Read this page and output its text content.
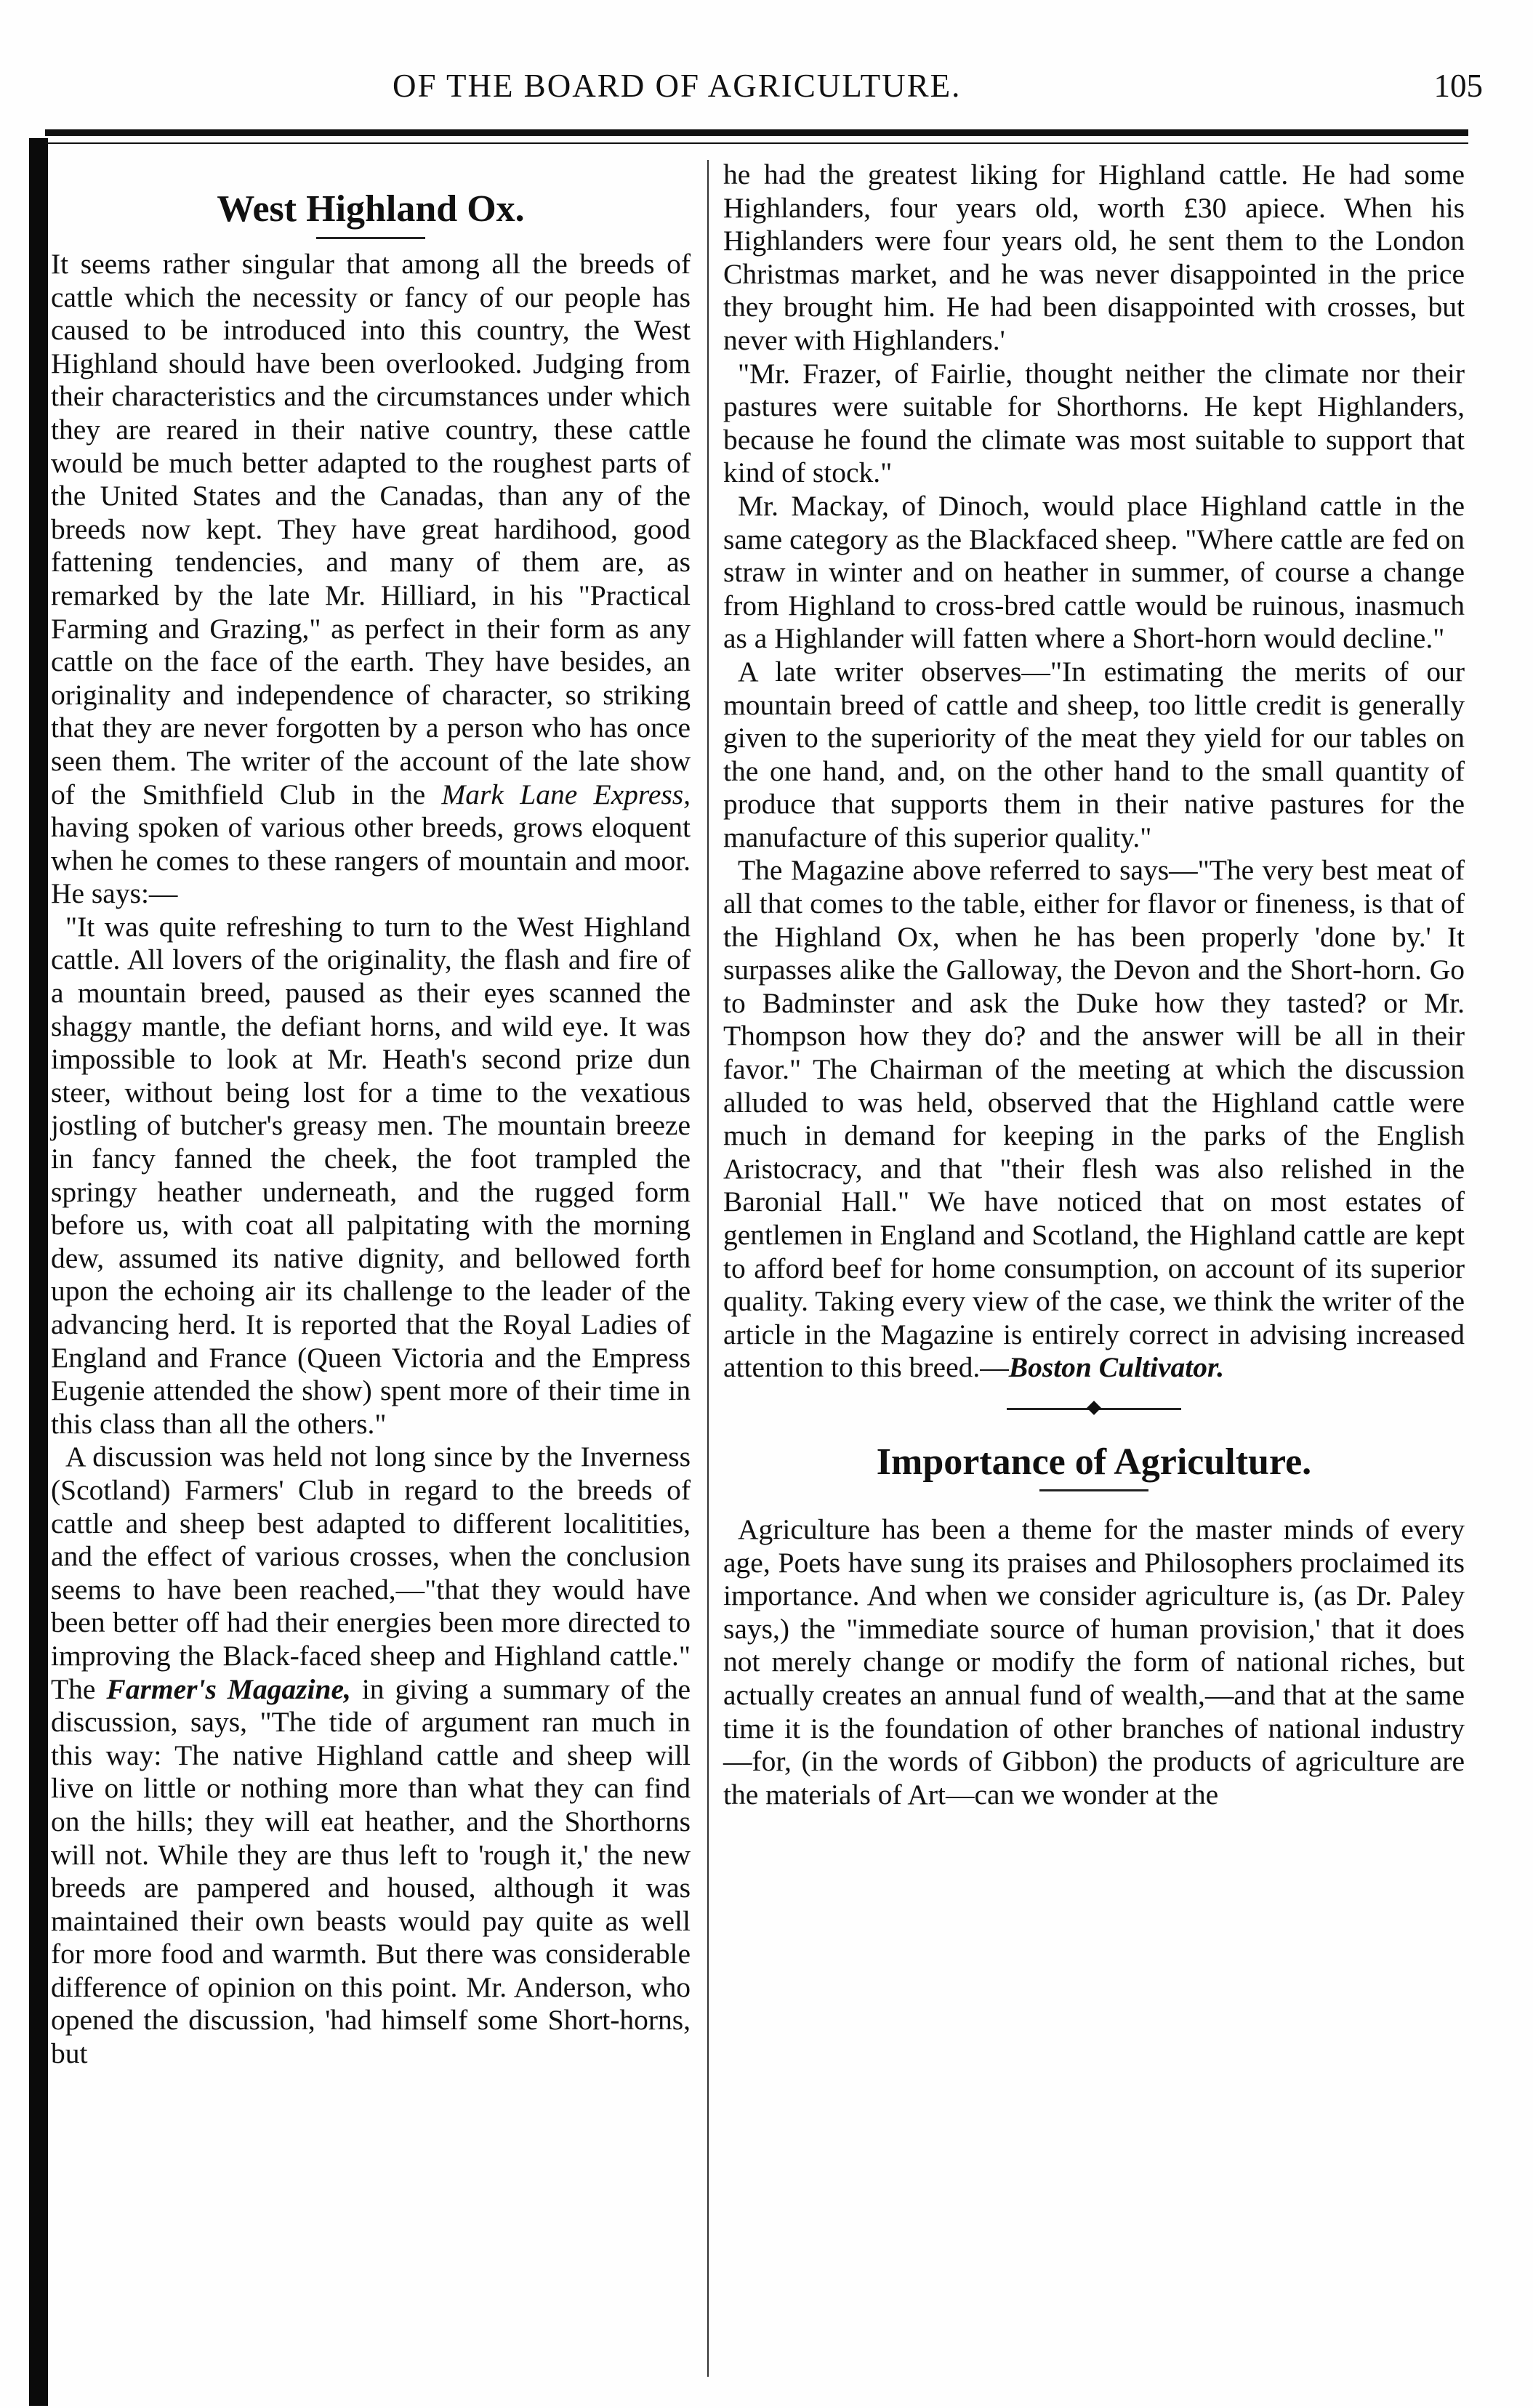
OF THE BOARD OF AGRICULTURE.	105
West Highland Ox.

It seems rather singular that among all the breeds of cattle which the necessity or fancy of our people has caused to be introduced into this country, the West Highland should have been overlooked. Judging from their characteristics and the circumstances under which they are reared in their native country, these cattle would be much better adapted to the roughest parts of the United States and the Canadas, than any of the breeds now kept. They have great hardihood, good fattening tendencies, and many of them are, as remarked by the late Mr. Hilliard, in his "Practical Farming and Grazing," as perfect in their form as any cattle on the face of the earth. They have besides, an originality and independence of character, so striking that they are never forgotten by a person who has once seen them. The writer of the account of the late show of the Smithfield Club in the Mark Lane Express, having spoken of various other breeds, grows eloquent when he comes to these rangers of mountain and moor. He says:—

"It was quite refreshing to turn to the West Highland cattle. All lovers of the originality, the flash and fire of a mountain breed, paused as their eyes scanned the shaggy mantle, the defiant horns, and wild eye. It was impossible to look at Mr. Heath's second prize dun steer, without being lost for a time to the vexatious jostling of butcher's greasy men. The mountain breeze in fancy fanned the cheek, the foot trampled the springy heather underneath, and the rugged form before us, with coat all palpitating with the morning dew, assumed its native dignity, and bellowed forth upon the echoing air its challenge to the leader of the advancing herd. It is reported that the Royal Ladies of England and France (Queen Victoria and the Empress Eugenie attended the show) spent more of their time in this class than all the others."

A discussion was held not long since by the Inverness (Scotland) Farmers' Club in regard to the breeds of cattle and sheep best adapted to different localitities, and the effect of various crosses, when the conclusion seems to have been reached,—"that they would have been better off had their energies been more directed to improving the Black-faced sheep and Highland cattle." The Farmer's Magazine, in giving a summary of the discussion, says, "The tide of argument ran much in this way: The native Highland cattle and sheep will live on little or nothing more than what they can find on the hills; they will eat heather, and the Shorthorns will not. While they are thus left to 'rough it,' the new breeds are pampered and housed, although it was maintained their own beasts would pay quite as well for more food and warmth. But there was considerable difference of opinion on this point. Mr. Anderson, who opened the discussion, 'had himself some Short-horns, but

he had the greatest liking for Highland cattle. He had some Highlanders, four years old, worth £30 apiece. When his Highlanders were four years old, he sent them to the London Christmas market, and he was never disappointed in the price they brought him. He had been disappointed with crosses, but never with Highlanders.'

"Mr. Frazer, of Fairlie, thought neither the climate nor their pastures were suitable for Shorthorns. He kept Highlanders, because he found the climate was most suitable to support that kind of stock."

Mr. Mackay, of Dinoch, would place Highland cattle in the same category as the Blackfaced sheep. "Where cattle are fed on straw in winter and on heather in summer, of course a change from Highland to cross-bred cattle would be ruinous, inasmuch as a Highlander will fatten where a Short-horn would decline."

A late writer observes—"In estimating the merits of our mountain breed of cattle and sheep, too little credit is generally given to the superiority of the meat they yield for our tables on the one hand, and, on the other hand to the small quantity of produce that supports them in their native pastures for the manufacture of this superior quality."

The Magazine above referred to says—"The very best meat of all that comes to the table, either for flavor or fineness, is that of the Highland Ox, when he has been properly 'done by.' It surpasses alike the Galloway, the Devon and the Short-horn. Go to Badminster and ask the Duke how they tasted? or Mr. Thompson how they do? and the answer will be all in their favor." The Chairman of the meeting at which the discussion alluded to was held, observed that the Highland cattle were much in demand for keeping in the parks of the English Aristocracy, and that "their flesh was also relished in the Baronial Hall." We have noticed that on most estates of gentlemen in England and Scotland, the Highland cattle are kept to afford beef for home consumption, on account of its superior quality. Taking every view of the case, we think the writer of the article in the Magazine is entirely correct in advising increased attention to this breed.—Boston Cultivator.

Importance of Agriculture.

Agriculture has been a theme for the master minds of every age, Poets have sung its praises and Philosophers proclaimed its importance. And when we consider agriculture is, (as Dr. Paley says,) the "immediate source of human provision,' that it does not merely change or modify the form of national riches, but actually creates an annual fund of wealth,—and that at the same time it is the foundation of other branches of national industry—for, (in the words of Gibbon) the products of agriculture are the materials of Art—can we wonder at the
